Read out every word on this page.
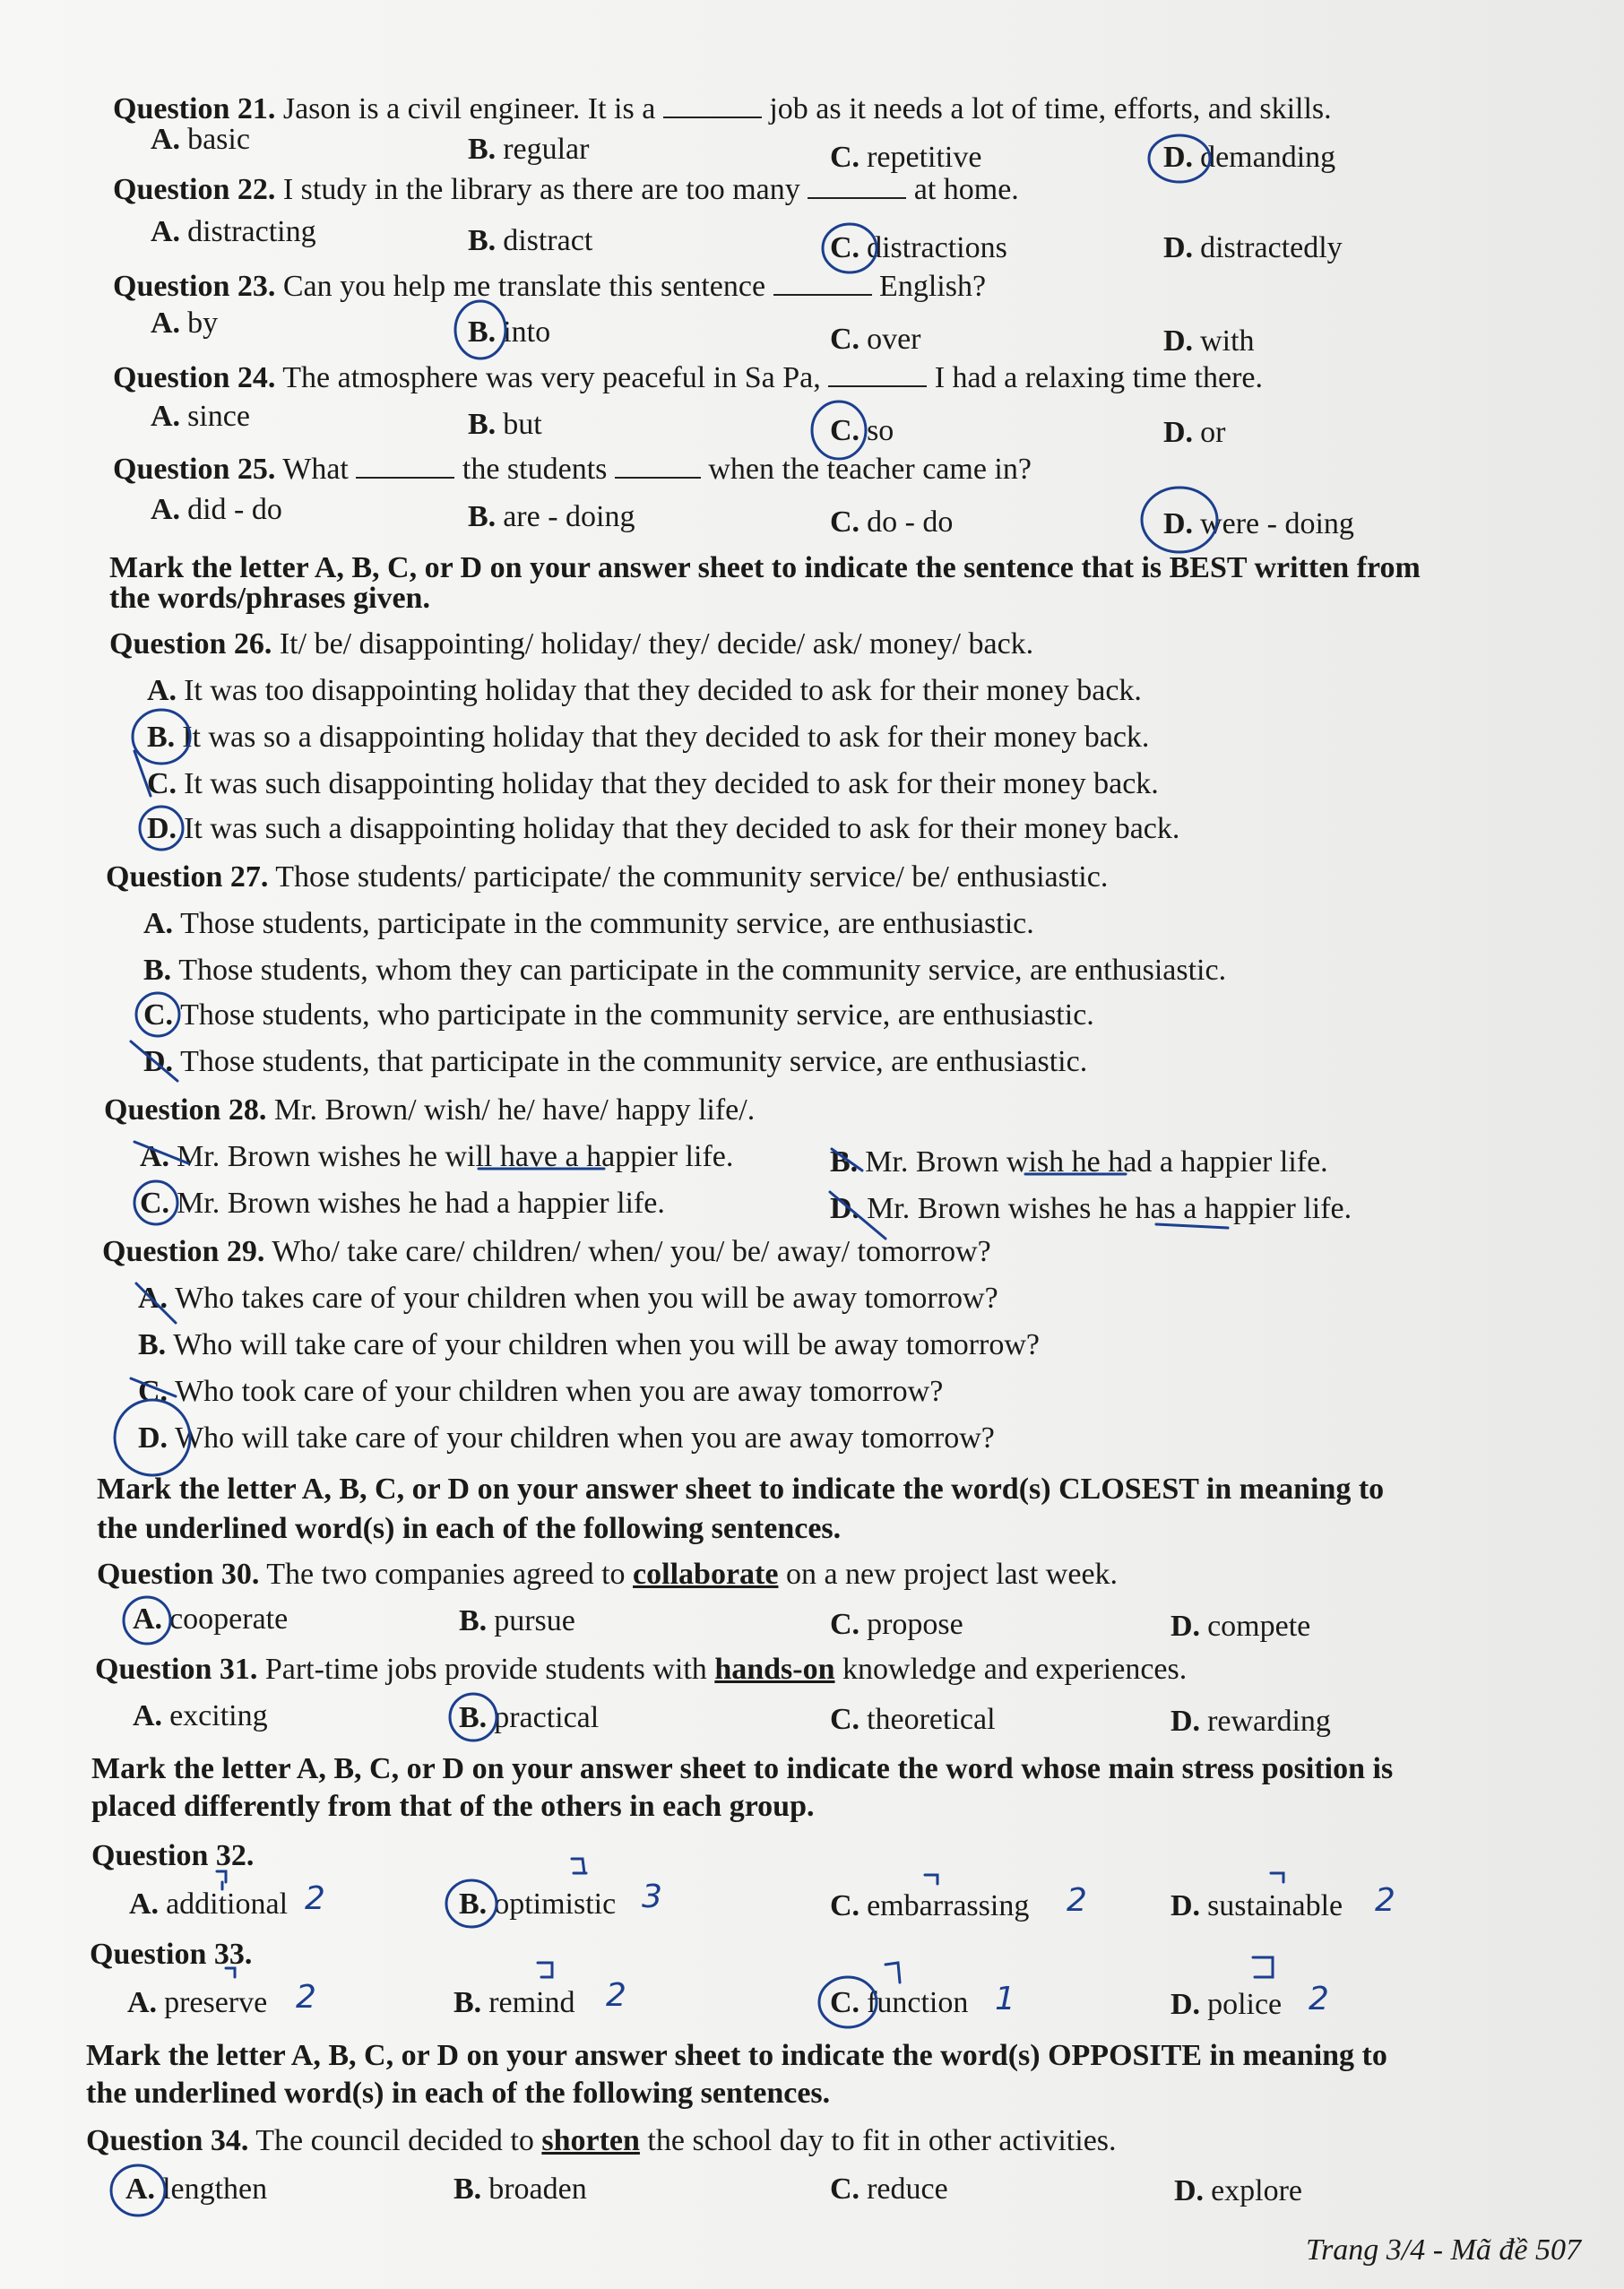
Question 21. Jason is a civil engineer. It is a	job as it needs a lot of time, efforts, and skills.
A. basic	B. regular	C. repetitive	D. demanding
Question 22. I study in the library as there are too many	at home.
A. distracting	B. distract	C. distractions	D. distractedly
Question 23. Can you help me translate this sentence	English?
A. by	B. into	C. over	D. with
Question 24. The atmosphere was very peaceful in Sa Pa,	I had a relaxing time there.
A. since	B. but	C. so	D. or
Question 25. What	the students	when the teacher came in?
A. did - do	B. are - doing	C. do - do	D. were - doing
Mark the letter A, B, C, or D on your answer sheet to indicate the sentence that is BEST written from
the words/phrases given.
Question 26. It/ be/ disappointing/ holiday/ they/ decide/ ask/ money/ back.
A. It was too disappointing holiday that they decided to ask for their money back.
B. It was so a disappointing holiday that they decided to ask for their money back.
C. It was such disappointing holiday that they decided to ask for their money back.
D. It was such a disappointing holiday that they decided to ask for their money back.
Question 27. Those students/ participate/ the community service/ be/ enthusiastic.
A. Those students, participate in the community service, are enthusiastic.
B. Those students, whom they can participate in the community service, are enthusiastic.
C. Those students, who participate in the community service, are enthusiastic.
D. Those students, that participate in the community service, are enthusiastic.
Question 28. Mr. Brown/ wish/ he/ have/ happy life/.
A. Mr. Brown wishes he will have a happier life.	B. Mr. Brown wish he had a happier life.
C. Mr. Brown wishes he had a happier life.	D. Mr. Brown wishes he has a happier life.
Question 29. Who/ take care/ children/ when/ you/ be/ away/ tomorrow?
A. Who takes care of your children when you will be away tomorrow?
B. Who will take care of your children when you will be away tomorrow?
C. Who took care of your children when you are away tomorrow?
D. Who will take care of your children when you are away tomorrow?
Mark the letter A, B, C, or D on your answer sheet to indicate the word(s) CLOSEST in meaning to
the underlined word(s) in each of the following sentences.
Question 30. The two companies agreed to collaborate on a new project last week.
A. cooperate	B. pursue	C. propose	D. compete
Question 31. Part-time jobs provide students with hands-on knowledge and experiences.
A. exciting	B. practical	C. theoretical	D. rewarding
Mark the letter A, B, C, or D on your answer sheet to indicate the word whose main stress position is
placed differently from that of the others in each group.
Question 32.
A. additional	B. optimistic	C. embarrassing	D. sustainable
Question 33.
A. preserve	B. remind	C. function	D. police
Mark the letter A, B, C, or D on your answer sheet to indicate the word(s) OPPOSITE in meaning to
the underlined word(s) in each of the following sentences.
Question 34. The council decided to shorten the school day to fit in other activities.
A. lengthen	B. broaden	C. reduce	D. explore
2	3	2	2
2	2	1	2
Trang 3/4 - Mã đề 507
